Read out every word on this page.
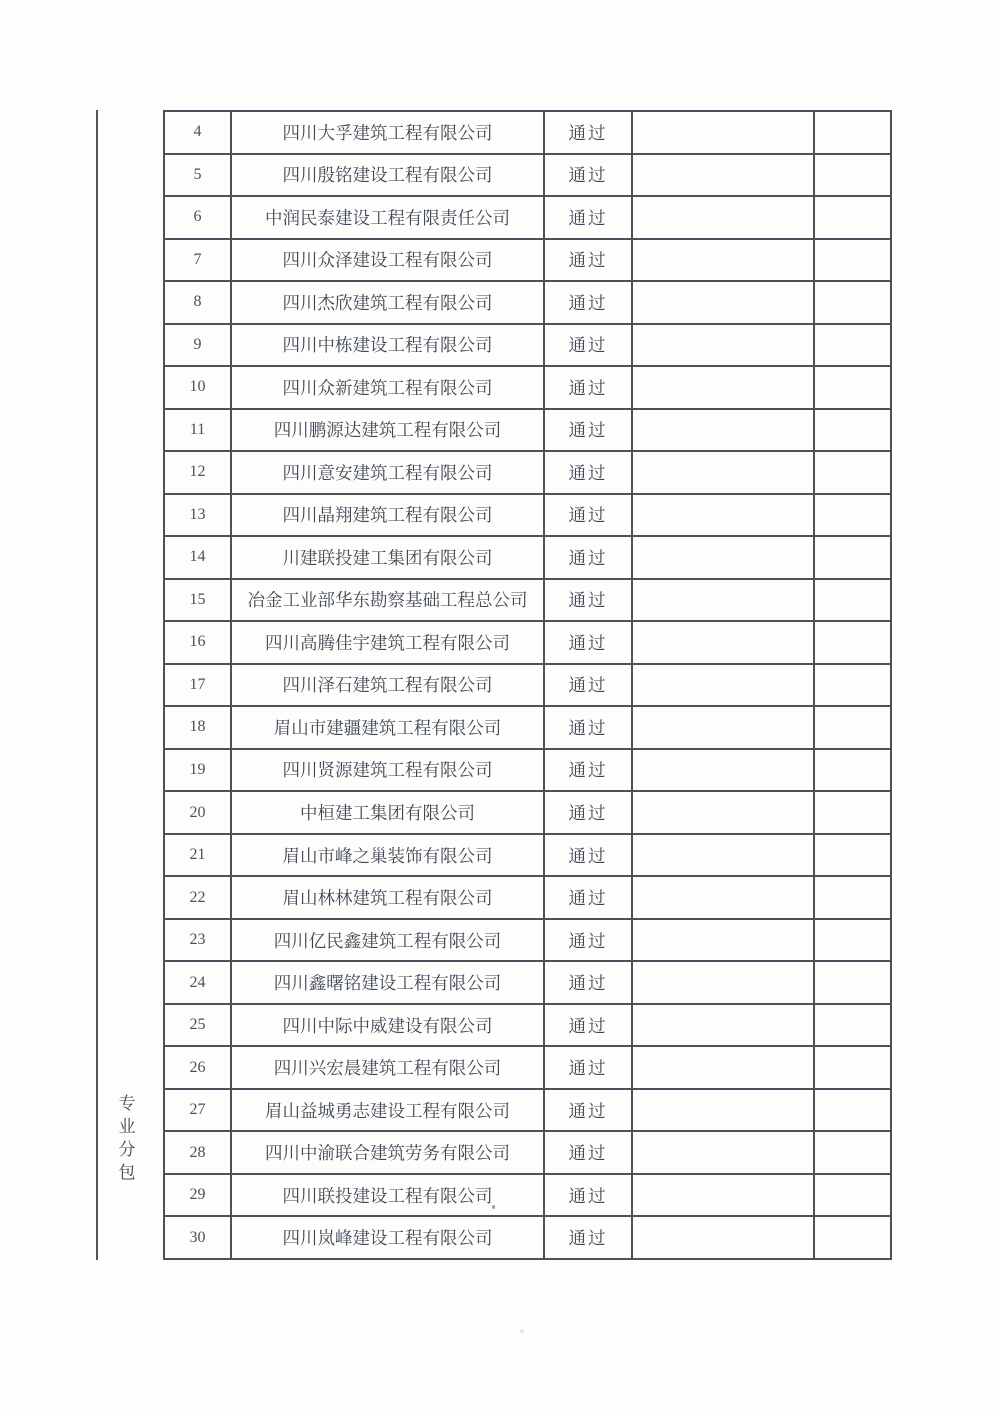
专业分包
4	四川大孚建筑工程有限公司	通过		
5	四川殷铭建设工程有限公司	通过		
6	中润民泰建设工程有限责任公司	通过		
7	四川众泽建设工程有限公司	通过		
8	四川杰欣建筑工程有限公司	通过		
9	四川中栋建设工程有限公司	通过		
10	四川众新建筑工程有限公司	通过		
11	四川鹏源达建筑工程有限公司	通过		
12	四川意安建筑工程有限公司	通过		
13	四川晶翔建筑工程有限公司	通过		
14	川建联投建工集团有限公司	通过		
15	冶金工业部华东勘察基础工程总公司	通过		
16	四川高腾佳宇建筑工程有限公司	通过		
17	四川泽石建筑工程有限公司	通过		
18	眉山市建疆建筑工程有限公司	通过		
19	四川贤源建筑工程有限公司	通过		
20	中桓建工集团有限公司	通过		
21	眉山市峰之巢装饰有限公司	通过		
22	眉山林林建筑工程有限公司	通过		
23	四川亿民鑫建筑工程有限公司	通过		
24	四川鑫曙铭建设工程有限公司	通过		
25	四川中际中威建设有限公司	通过		
26	四川兴宏晨建筑工程有限公司	通过		
27	眉山益城勇志建设工程有限公司	通过		
28	四川中渝联合建筑劳务有限公司	通过		
29	四川联投建设工程有限公司	通过		
30	四川岚峰建设工程有限公司	通过		
